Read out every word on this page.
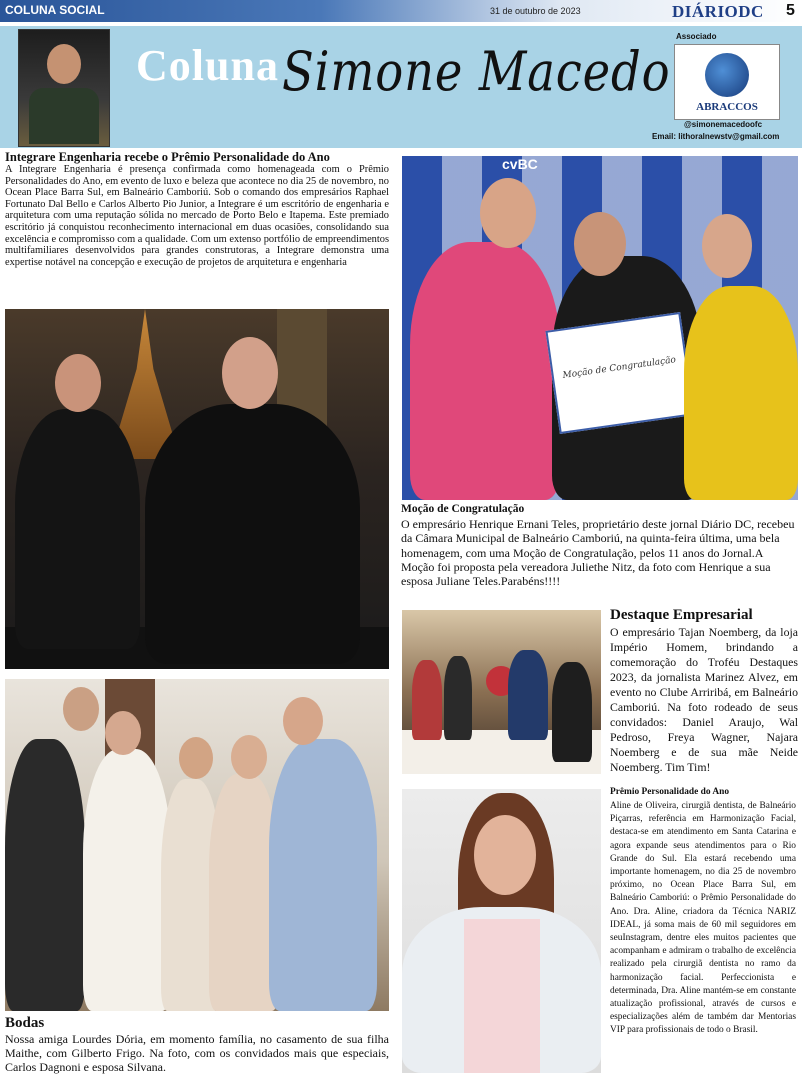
COLUNA SOCIAL	31 de outubro de 2023	DIÁRIODC 5
Coluna Simone Macedo
Associado
ABRACCOS
@simonemacedoofc
Email: lithoralnewstv@gmail.com
Integrare Engenharia recebe o Prêmio Personalidade do Ano
A Integrare Engenharia é presença confirmada como homenageada com o Prêmio Personalidades do Ano, em evento de luxo e beleza que acontece no dia 25 de novembro, no Ocean Place Barra Sul, em Balneário Camboriú. Sob o comando dos empresários Raphael Fortunato Dal Bello e Carlos Alberto Pio Junior, a Integrare é um escritório de engenharia e arquitetura com uma reputação sólida no mercado de Porto Belo e Itapema. Este premiado escritório já conquistou reconhecimento internacional em duas ocasiões, consolidando sua excelência e compromisso com a qualidade. Com um extenso portfólio de empreendimentos multifamiliares desenvolvidos para grandes construtoras, a Integrare demonstra uma expertise notável na concepção e execução de projetos de arquitetura e engenharia
Bodas
Nossa amiga Lourdes Dória, em momento família, no casamento de sua filha Maithe, com Gilberto Frigo. Na foto, com os convidados mais que especiais, Carlos Dagnoni e esposa Silvana.
cvBC
Moção de Congratulação
Moção de Congratulação
O empresário Henrique Ernani Teles, proprietário deste jornal Diário DC, recebeu da Câmara Municipal de Balneário Camboriú, na quinta-feira última, uma bela homenagem, com uma Moção de Congratulação, pelos 11 anos do Jornal.A Moção foi proposta pela vereadora Juliethe Nitz, da foto com Henrique a sua esposa Juliane Teles.Parabéns!!!!
Destaque Empresarial
O empresário Tajan Noemberg, da loja Império Homem, brindando a comemoração do Troféu Destaques 2023, da jornalista Marinez Alvez, em evento no Clube Arriribá, em Balneário Camboriú. Na foto rodeado de seus convidados: Daniel Araujo, Wal Pedroso, Freya Wagner, Najara Noemberg e de sua mãe Neide Noemberg. Tim Tim!
Prêmio Personalidade do Ano
Aline de Oliveira, cirurgiã dentista, de Balneário Piçarras, referência em Harmonização Facial, destaca-se em atendimento em Santa Catarina e agora expande seus atendimentos para o Rio Grande do Sul. Ela estará recebendo uma importante homenagem, no dia 25 de novembro próximo, no Ocean Place Barra Sul, em Balneário Camboriú: o Prêmio Personalidade do Ano. Dra. Aline, criadora da Técnica NARIZ IDEAL, já soma mais de 60 mil seguidores em seuInstagram, dentre eles muitos pacientes que acompanham e admiram o trabalho de excelência realizado pela cirurgiã dentista no ramo da harmonização facial. Perfeccionista e determinada, Dra. Aline mantém-se em constante atualização profissional, através de cursos e especializações além de também dar Mentorias VIP para profissionais de todo o Brasil.
